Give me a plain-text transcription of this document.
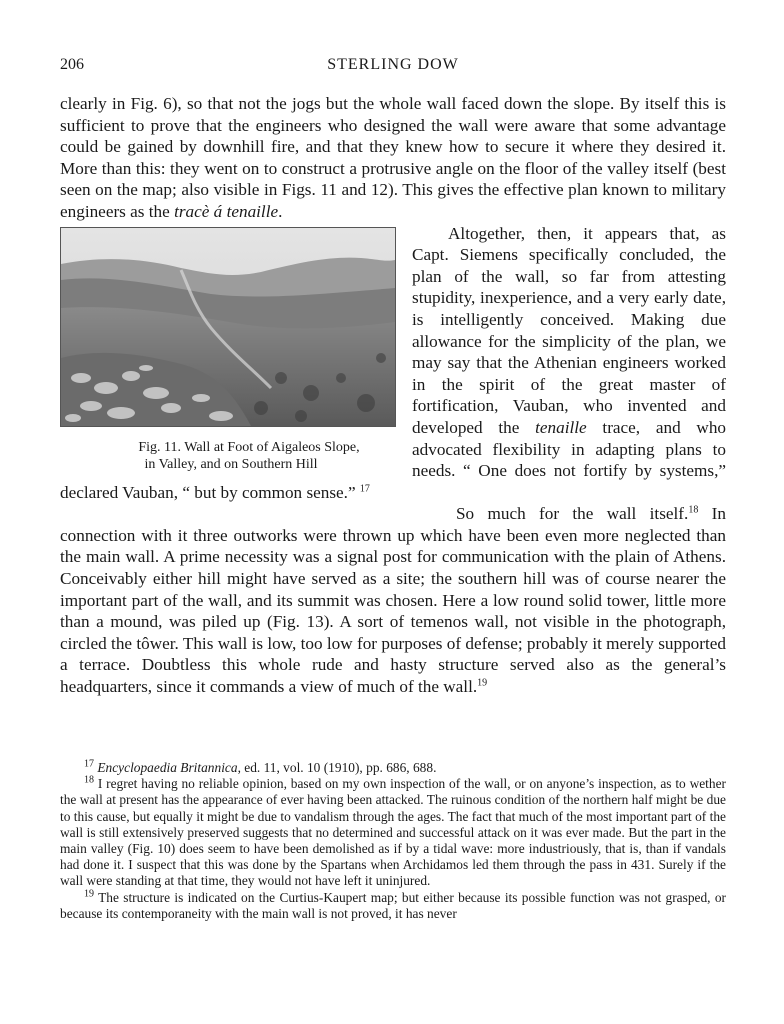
206	STERLING DOW

clearly in Fig. 6), so that not the jogs but the whole wall faced down the slope. By itself this is sufficient to prove that the engineers who designed the wall were aware that some advantage could be gained by downhill fire, and that they knew how to secure it where they desired it. More than this: they went on to construct a protrusive angle on the floor of the valley itself (best seen on the map; also visible in Figs. 11 and 12). This gives the effective plan known to military engineers as the tracè á tenaille.

Fig. 11. Wall at Foot of Aigaleos Slope,
in Valley, and on Southern Hill
Altogether, then, it appears that, as Capt. Siemens specifically concluded, the plan of the wall, so far from attesting stupidity, inexperience, and a very early date, is intelligently conceived. Making due allowance for the simplicity of the plan, we may say that the Athenian engineers worked in the spirit of the great master of fortification, Vauban, who invented and developed the tenaille trace, and who advocated flexibility in adapting plans to needs. “ One does not fortify by systems,” declared Vauban, “ but by common sense.” $^{17}$

So much for the wall itself.$^{18}$ In connection with it three outworks were thrown up which have been even more neglected than the main wall. A prime necessity was a signal post for communication with the plain of Athens. Conceivably either hill might have served as a site; the southern hill was of course nearer the important part of the wall, and its summit was chosen. Here a low round solid tower, little more than a mound, was piled up (Fig. 13). A sort of temenos wall, not visible in the photograph, circled the tôwer. This wall is low, too low for purposes of defense; probably it merely supported a terrace. Doubtless this whole rude and hasty structure served also as the general’s headquarters, since it commands a view of much of the wall.$^{19}$

$^{17}$ Encyclopaedia Britannica, ed. 11, vol. 10 (1910), pp. 686, 688.

$^{18}$ I regret having no reliable opinion, based on my own inspection of the wall, or on anyone’s inspection, as to wether the wall at present has the appearance of ever having been attacked. The ruinous condition of the northern half might be due to this cause, but equally it might be due to vandalism through the ages. The fact that much of the most important part of the wall is still extensively preserved suggests that no determined and successful attack on it was ever made. But the part in the main valley (Fig. 10) does seem to have been demolished as if by a tidal wave: more industriously, that is, than if vandals had done it. I suspect that this was done by the Spartans when Archidamos led them through the pass in 431. Surely if the wall were standing at that time, they would not have left it uninjured.

$^{19}$ The structure is indicated on the Curtius-Kaupert map; but either because its possible function was not grasped, or because its contemporaneity with the main wall is not proved, it has never
